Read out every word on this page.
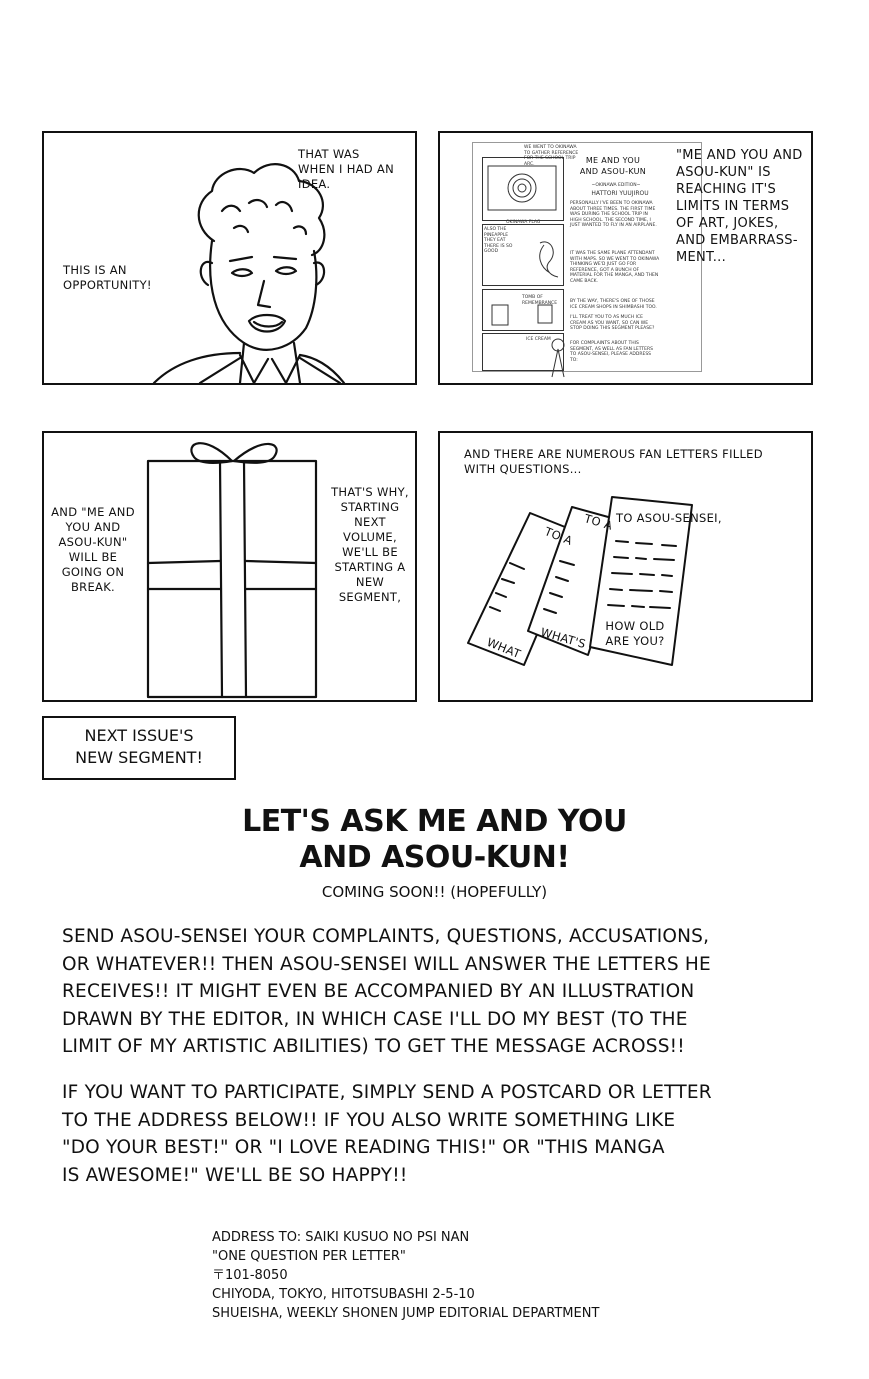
THAT WAS WHEN I HAD AN IDEA.
THIS IS AN OPPORTUNITY!
WE WENT TO OKINAWA TO GATHER REFERENCE FOR THE SCHOOL TRIP ARC.
OKINAWA FLAG
ALSO THE PINEAPPLE THEY EAT THERE IS SO GOOD
TOMB OF REMEMBRANCE
ICE CREAM
ME AND YOU AND ASOU-KUN
~OKINAWA EDITION~
HATTORI YUUJIROU
PERSONALLY I'VE BEEN TO OKINAWA ABOUT THREE TIMES. THE FIRST TIME WAS DURING THE SCHOOL TRIP IN HIGH SCHOOL. THE SECOND TIME, I JUST WANTED TO FLY IN AN AIRPLANE.
IT WAS THE SAME PLANE ATTENDANT WITH MAPS. SO WE WENT TO OKINAWA THINKING WE'D JUST GO FOR REFERENCE, GOT A BUNCH OF MATERIAL FOR THE MANGA, AND THEN CAME BACK.
BY THE WAY, THERE'S ONE OF THOSE ICE CREAM SHOPS IN SHIMBASHI TOO.
I'LL TREAT YOU TO AS MUCH ICE CREAM AS YOU WANT, SO CAN WE STOP DOING THIS SEGMENT PLEASE?
FOR COMPLAINTS ABOUT THIS SEGMENT, AS WELL AS FAN LETTERS TO ASOU-SENSEI, PLEASE ADDRESS TO:
"ME AND YOU AND ASOU-KUN" IS REACHING IT'S LIMITS IN TERMS OF ART, JOKES, AND EMBARRASS-MENT...
AND "ME AND YOU AND ASOU-KUN" WILL BE GOING ON BREAK.
THAT'S WHY, STARTING NEXT VOLUME, WE'LL BE STARTING A NEW SEGMENT,
AND THERE ARE NUMEROUS FAN LETTERS FILLED WITH QUESTIONS...
TO A
WHAT
TO A
WHAT'S
TO ASOU-SENSEI,
HOW OLD ARE YOU?
NEXT ISSUE'S
NEW SEGMENT!
LET'S ASK ME AND YOU
AND ASOU-KUN!
COMING SOON!! (HOPEFULLY)
SEND ASOU-SENSEI YOUR COMPLAINTS, QUESTIONS, ACCUSATIONS,
OR WHATEVER!! THEN ASOU-SENSEI WILL ANSWER THE LETTERS HE
RECEIVES!! IT MIGHT EVEN BE ACCOMPANIED BY AN ILLUSTRATION
DRAWN BY THE EDITOR, IN WHICH CASE I'LL DO MY BEST (TO THE
LIMIT OF MY ARTISTIC ABILITIES) TO GET THE MESSAGE ACROSS!!
IF YOU WANT TO PARTICIPATE, SIMPLY SEND A POSTCARD OR LETTER
TO THE ADDRESS BELOW!! IF YOU ALSO WRITE SOMETHING LIKE
"DO YOUR BEST!" OR "I LOVE READING THIS!" OR "THIS MANGA
IS AWESOME!" WE'LL BE SO HAPPY!!
ADDRESS TO: SAIKI KUSUO NO PSI NAN
"ONE QUESTION PER LETTER"
〒101-8050
CHIYODA, TOKYO, HITOTSUBASHI 2-5-10
SHUEISHA, WEEKLY SHONEN JUMP EDITORIAL DEPARTMENT
